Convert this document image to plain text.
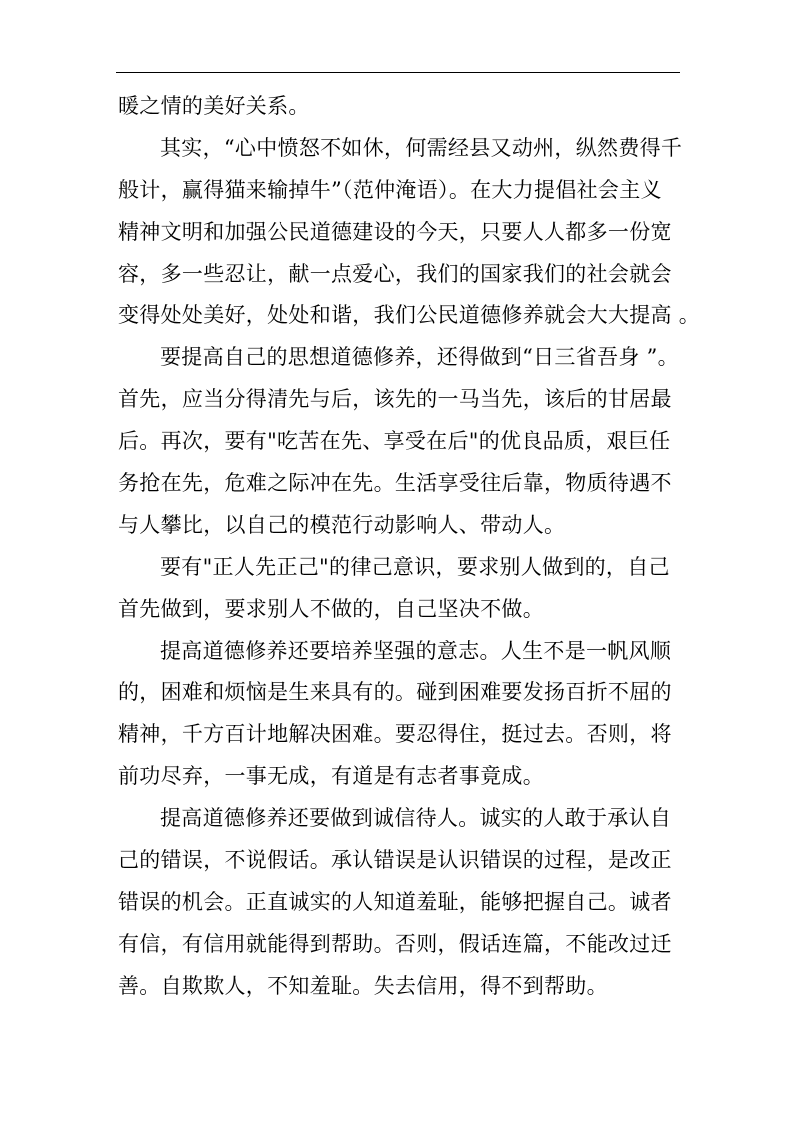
暖之情的美好关系。
其实，“心中愤怒不如休，何需经县又动州，纵然费得千
般计，赢得猫来输掉牛”（范仲淹语）。在大力提倡社会主义
精神文明和加强公民道德建设的今天，只要人人都多一份宽
容，多一些忍让，献一点爱心，我们的国家我们的社会就会
变得处处美好，处处和谐，我们公民道德修养就会大大提高 。
要提高自己的思想道德修养，还得做到“日三省吾身 ”。
首先，应当分得清先与后，该先的一马当先，该后的甘居最
后。再次，要有"吃苦在先、享受在后"的优良品质，艰巨任
务抢在先，危难之际冲在先。生活享受往后靠，物质待遇不
与人攀比，以自己的模范行动影响人、带动人。
要有"正人先正己"的律己意识，要求别人做到的，自己
首先做到，要求别人不做的，自己坚决不做。
提高道德修养还要培养坚强的意志。人生不是一帆风顺
的，困难和烦恼是生来具有的。碰到困难要发扬百折不屈的
精神，千方百计地解决困难。要忍得住，挺过去。否则，将
前功尽弃，一事无成，有道是有志者事竟成。
提高道德修养还要做到诚信待人。诚实的人敢于承认自
己的错误，不说假话。承认错误是认识错误的过程，是改正
错误的机会。正直诚实的人知道羞耻，能够把握自己。诚者
有信，有信用就能得到帮助。否则，假话连篇，不能改过迁
善。自欺欺人，不知羞耻。失去信用，得不到帮助。
